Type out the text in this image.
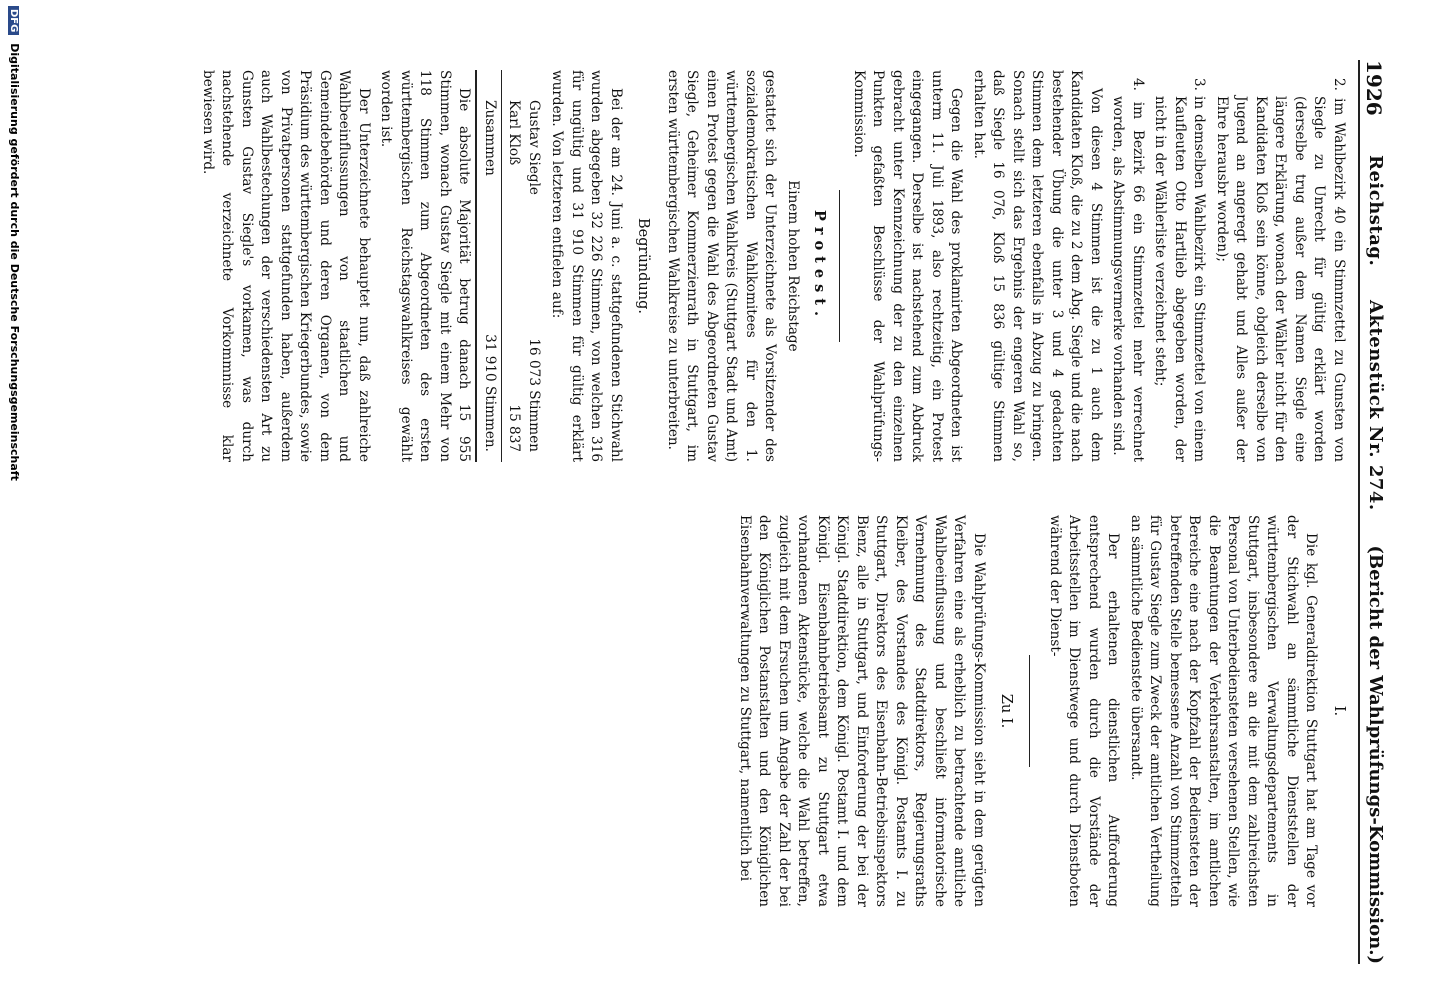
1926
Reichstag.
Aktenstück Nr. 274.
(Bericht der Wahlprüfungs-Kommission.)

2. im Wahlbezirk 40 ein Stimmzettel zu Gunsten von Siegle zu Unrecht für gültig erklärt worden (derselbe trug außer dem Namen Siegle eine längere Erklärung, wonach der Wähler nicht für den Kandidaten Kloß sein könne, obgleich derselbe von Jugend an angeregt gehabt und Alles außer der Ehre herausbr worden);

3. in demselben Wahlbezirk ein Stimmzettel von einem Kaufleuten Otto Hartlieb abgegeben worden, der nicht in der Wählerliste verzeichnet steht;

4. im Bezirk 66 ein Stimmzettel mehr verrechnet worden, als Abstimmungsvermerke vorhanden sind.

Von diesen 4 Stimmen ist die zu 1 auch dem Kandidaten Kloß, die zu 2 dem Abg. Siegle und die nach bestehender Übung die unter 3 und 4 gedachten Stimmen dem letzteren ebenfalls in Abzug zu bringen. Sonach stellt sich das Ergebnis der engeren Wahl so, daß Siegle 16 076, Kloß 15 836 gültige Stimmen erhalten hat.

Gegen die Wahl des proklamirten Abgeordneten ist unterm 11. Juli 1893, also rechtzeitig, ein Protest eingegangen. Derselbe ist nachstehend zum Abdruck gebracht unter Kennzeichnung der zu den einzelnen Punkten gefaßten Beschlüsse der Wahlprüfungs-Kommission.

Protest.

Einem hohen Reichstage

gestattet sich der Unterzeichnete als Vorsitzender des sozialdemokratischen Wahlkomitees für den 1. württembergischen Wahlkreis (Stuttgart Stadt und Amt) einen Protest gegen die Wahl des Abgeordneten Gustav Siegle, Geheimer Kommerzienrath in Stuttgart, im ersten württembergischen Wahlkreise zu unterbreiten.

Begründung.

Bei der am 24. Juni a. c. stattgefundenen Stichwahl wurden abgegeben 32 226 Stimmen, von welchen 316 für ungültig und 31 910 Stimmen für gültig erklärt wurden. Von letzteren entfielen auf:

Gustav Siegle
16 073 Stimmen
Karl Kloß
15 837
Zusammen
31 910 Stimmen.

Die absolute Majorität betrug danach 15 955 Stimmen, wonach Gustav Siegle mit einem Mehr von 118 Stimmen zum Abgeordneten des ersten württembergischen Reichstagswahlkreises gewählt worden ist.

Der Unterzeichnete behauptet nun, daß zahlreiche Wahlbeeinflussungen von staatlichen und Gemeindebehörden und deren Organen, von dem Präsidium des württembergischen Kriegerbundes, sowie von Privatpersonen stattgefunden haben, außerdem auch Wahlbestechungen der verschiedensten Art zu Gunsten Gustav Siegle's vorkamen, was durch nachstehende verzeichnete Vorkommnisse klar bewiesen wird.

I.

Die kgl. Generaldirektion Stuttgart hat am Tage vor der Stichwahl an sämmtliche Dienststellen der württembergischen Verwaltungsdepartements in Stuttgart, insbesondere an die mit dem zahlreichsten Personal von Unterbediensteten versehenen Stellen, wie die Beamtungen der Verkehrsanstalten, im amtlichen Bereiche eine nach der Kopfzahl der Bediensteten der betreffenden Stelle bemessene Anzahl von Stimmzetteln für Gustav Siegle zum Zweck der amtlichen Vertheilung an sämmtliche Bedienstete übersandt.

Der erhaltenen dienstlichen Aufforderung entsprechend wurden durch die Vorstände der Arbeitsstellen im Dienstwege und durch Dienstboten während der Dienst-

Zu I.

Die Wahlprüfungs-Kommission sieht in dem gerügten Verfahren eine als erheblich zu betrachtende amtliche Wahlbeeinflussung und beschließt informatorische Vernehmung des Stadtdirektors, Regierungsraths Kleiber, des Vorstandes des Königl. Postamts I. zu Stuttgart, Direktors des Eisenbahn-Betriebsinspektors Bienz, alle in Stuttgart, und Einforderung der bei der Königl. Stadtdirektion, dem Königl. Postamt I. und dem Königl. Eisenbahnbetriebsamt zu Stuttgart etwa vorhandenen Aktenstücke, welche die Wahl betreffen, zugleich mit dem Ersuchen um Angabe der Zahl der bei den Königlichen Postanstalten und den Königlichen Eisenbahnverwaltungen zu Stuttgart, namentlich bei

DFG Digitalisierung gefördert durch die Deutsche Forschungsgemeinschaft
